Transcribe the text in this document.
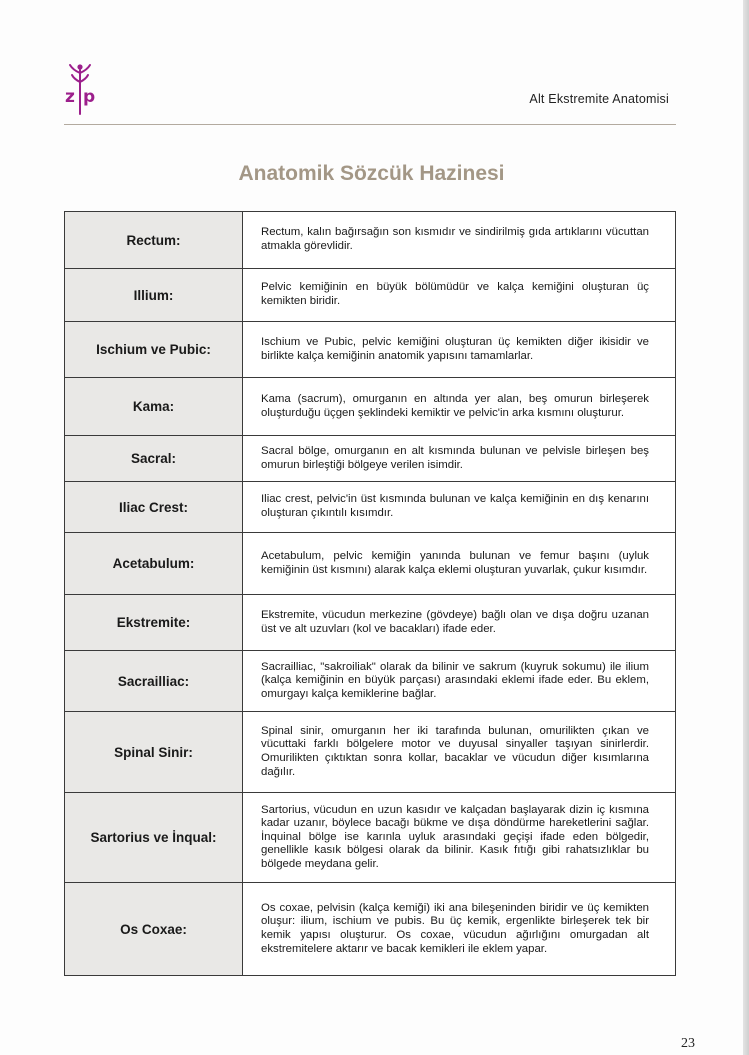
z p	Alt Ekstremite Anatomisi
Anatomik Sözcük Hazinesi
Rectum:	Rectum, kalın bağırsağın son kısmıdır ve sindirilmiş gıda artıklarını vücuttan atmakla görevlidir.
Illium:	Pelvic kemiğinin en büyük bölümüdür ve kalça kemiğini oluşturan üç kemikten biridir.
Ischium ve Pubic:	Ischium ve Pubic, pelvic kemiğini oluşturan üç kemikten diğer ikisidir ve birlikte kalça kemiğinin anatomik yapısını tamamlarlar.
Kama:	Kama (sacrum), omurganın en altında yer alan, beş omurun birleşerek oluşturduğu üçgen şeklindeki kemiktir ve pelvic'in arka kısmını oluşturur.
Sacral:	Sacral bölge, omurganın en alt kısmında bulunan ve pelvisle birleşen beş omurun birleştiği bölgeye verilen isimdir.
Iliac Crest:	Iliac crest, pelvic'in üst kısmında bulunan ve kalça kemiğinin en dış kenarını oluşturan çıkıntılı kısımdır.
Acetabulum:	Acetabulum, pelvic kemiğin yanında bulunan ve femur başını (uyluk kemiğinin üst kısmını) alarak kalça eklemi oluşturan yuvarlak, çukur kısımdır.
Ekstremite:	Ekstremite, vücudun merkezine (gövdeye) bağlı olan ve dışa doğru uzanan üst ve alt uzuvları (kol ve bacakları) ifade eder.
Sacrailliac:	Sacrailliac, "sakroiliak" olarak da bilinir ve sakrum (kuyruk sokumu) ile ilium (kalça kemiğinin en büyük parçası) arasındaki eklemi ifade eder. Bu eklem, omurgayı kalça kemiklerine bağlar.
Spinal Sinir:	Spinal sinir, omurganın her iki tarafında bulunan, omurilikten çıkan ve vücuttaki farklı bölgelere motor ve duyusal sinyaller taşıyan sinirlerdir. Omurilikten çıktıktan sonra kollar, bacaklar ve vücudun diğer kısımlarına dağılır.
Sartorius ve İnqual:	Sartorius, vücudun en uzun kasıdır ve kalçadan başlayarak dizin iç kısmına kadar uzanır, böylece bacağı bükme ve dışa döndürme hareketlerini sağlar. İnquinal bölge ise karınla uyluk arasındaki geçişi ifade eden bölgedir, genellikle kasık bölgesi olarak da bilinir. Kasık fıtığı gibi rahatsızlıklar bu bölgede meydana gelir.
Os Coxae:	Os coxae, pelvisin (kalça kemiği) iki ana bileşeninden biridir ve üç kemikten oluşur: ilium, ischium ve pubis. Bu üç kemik, ergenlikte birleşerek tek bir kemik yapısı oluşturur. Os coxae, vücudun ağırlığını omurgadan alt ekstremitelere aktarır ve bacak kemikleri ile eklem yapar.
23
